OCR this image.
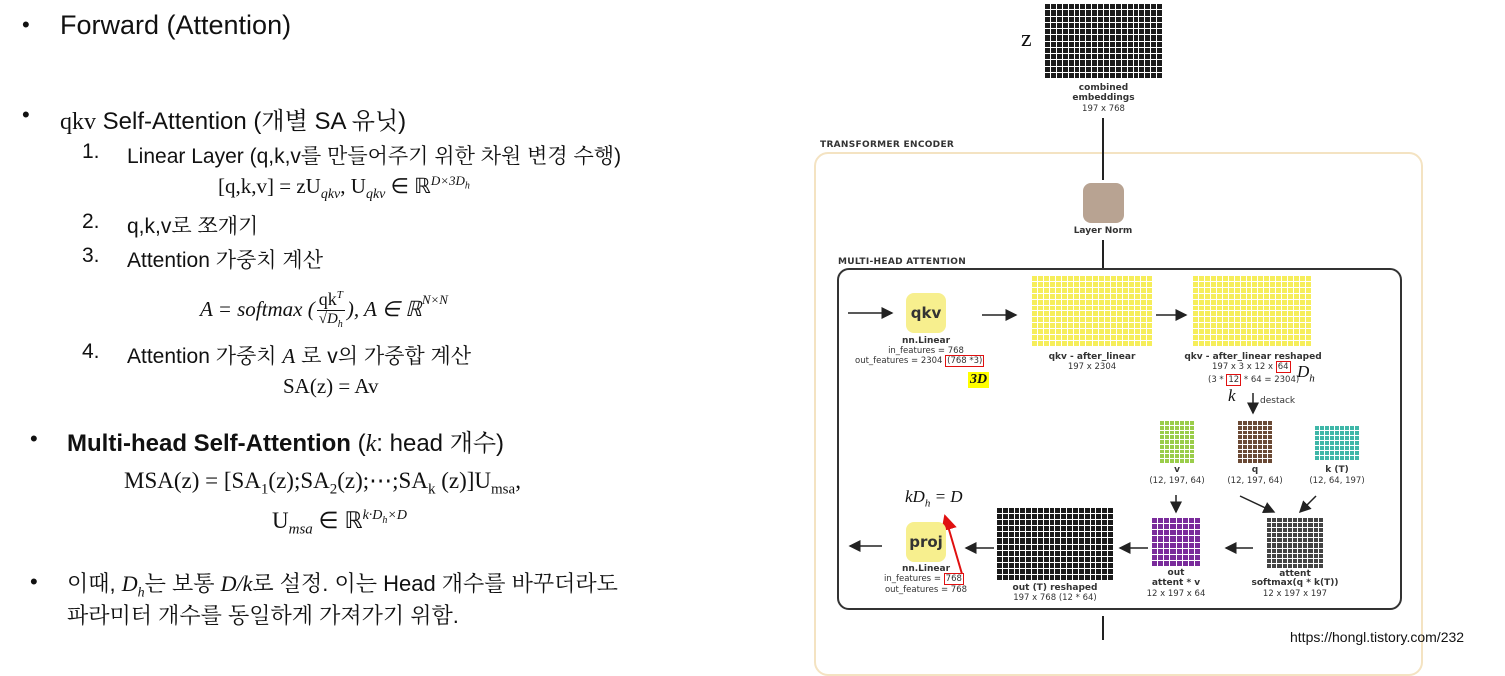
• Forward (Attention)
• qkv Self-Attention (개별 SA 유닛)
1. Linear Layer (q,k,v를 만들어주기 위한 차원 변경 수행)
$[q,k,v] = zU_{qkv}$, $U_{qkv}$ ∈ ℝ$^{D\times 3D_h}$
2. q,k,v로 쪼개기
3. Attention 가중치 계산
A = softmax ( $qk^T$
$√D_h$
), A ∈ ℝ$^{N\times N}$
4. Attention 가중치 A 로 v의 가중합 계산
SA(z) = Av
• Multi-head Self-Attention (k: head 개수)
$MSA(z) = [SA_1(z);SA_2(z);\cdots;SA_k$ $(z)]U_{msa}$,
$U_{msa}$ ∈ ℝ$^{k\cdot D_h\times D}$
• 이때, $D_h$는 보통 D/k로 설정. 이는 Head 개수를 바꾸더라도
파라미터 개수를 동일하게 가져가기 위함.
z
combined
embeddings
197 x 768
TRANSFORMER ENCODER
Layer Norm
MULTI-HEAD ATTENTION
qkv
nn.Linear
in_features = 768
out_features = 2304 (768 *3)
3D
qkv - after_linear
197 x 2304
qkv - after_linear reshaped
197 x 3 x 12 x 64
(3 * 12 * 64 = 2304)
$D_h$
k	destack
v
(12, 197, 64)
q
(12, 197, 64)
k (T)
(12, 64, 197)
attent
softmax(q * k(T))
12 x 197 x 197
out
attent * v
12 x 197 x 64
out (T) reshaped
197 x 768 (12 * 64)
$kD_h = D$
proj
nn.Linear
in_features = 768
out_features = 768
https://hongl.tistory.com/232
